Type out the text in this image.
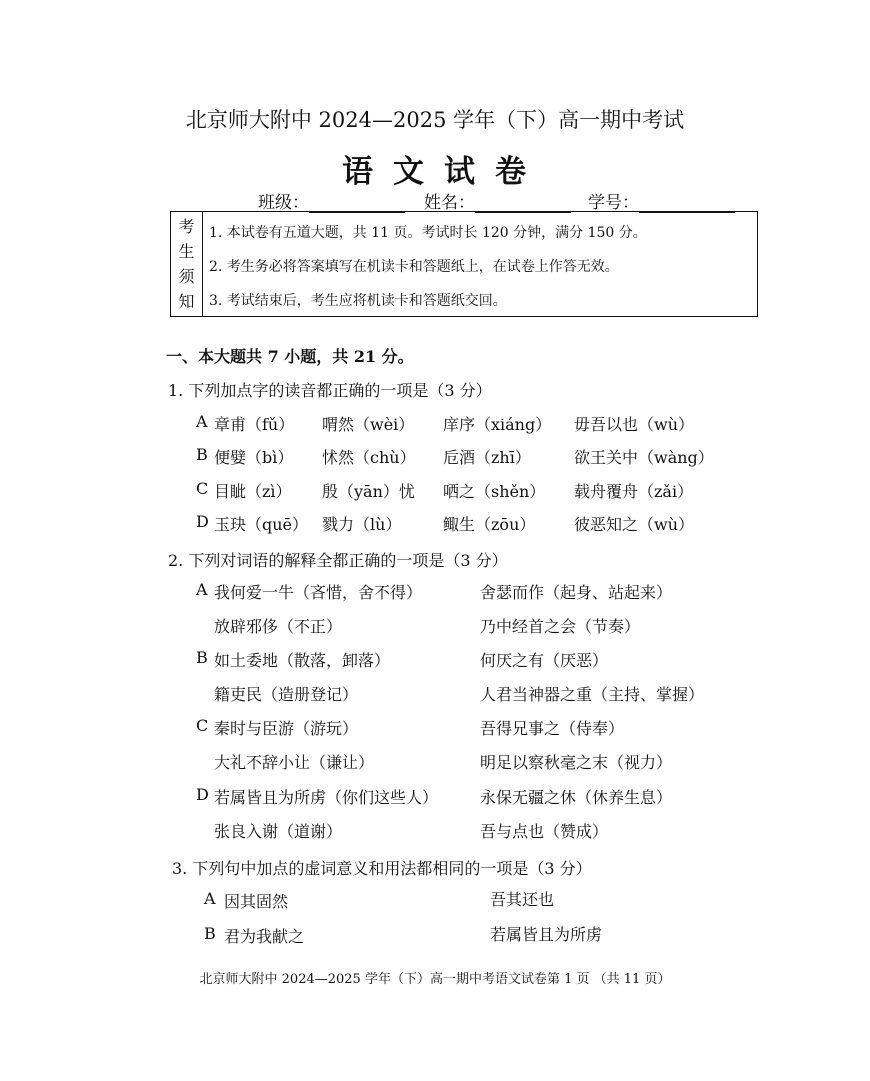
北京师大附中 2024—2025 学年（下）高一期中考试
语文试卷
班级：	姓名：	学号：
考生须知
1. 本试卷有五道大题，共 11 页。考试时长 120 分钟，满分 150 分。
2. 考生务必将答案填写在机读卡和答题纸上，在试卷上作答无效。
3. 考试结束后，考生应将机读卡和答题纸交回。
一、本大题共 7 小题，共 21 分。
1. 下列加点字的读音都正确的一项是（3 分）
A 章甫（fǔ） 喟然（wèi） 庠序（xiáng） 毋吾以也（wù）
B 便嬖（bì） 怵然（chù） 卮酒（zhī）	欲王关中（wàng）
C 目眦（zì） 殷（yān）忧 哂之（shěn） 载舟覆舟（zǎi）
D 玉玦（quē） 戮力（lù）	鲰生（zōu） 彼恶知之（wù）
2. 下列对词语的解释全都正确的一项是（3 分）
A 我何爱一牛（吝惜，舍不得）	舍瑟而作（起身、站起来）
放辟邪侈（不正）	乃中经首之会（节奏）
B 如土委地（散落，卸落）	何厌之有（厌恶）
籍吏民（造册登记）	人君当神器之重（主持、掌握）
C 秦时与臣游（游玩）	吾得兄事之（侍奉）
大礼不辞小让（谦让）	明足以察秋毫之末（视力）
D 若属皆且为所虏（你们这些人）	永保无疆之休（休养生息）
张良入谢（道谢）	吾与点也（赞成）
3. 下列句中加点的虚词意义和用法都相同的一项是（3 分）
A 因其固然	吾其还也
B 君为我献之	若属皆且为所虏
北京师大附中 2024—2025 学年（下）高一期中考语文试卷第 1 页 （共 11 页）
